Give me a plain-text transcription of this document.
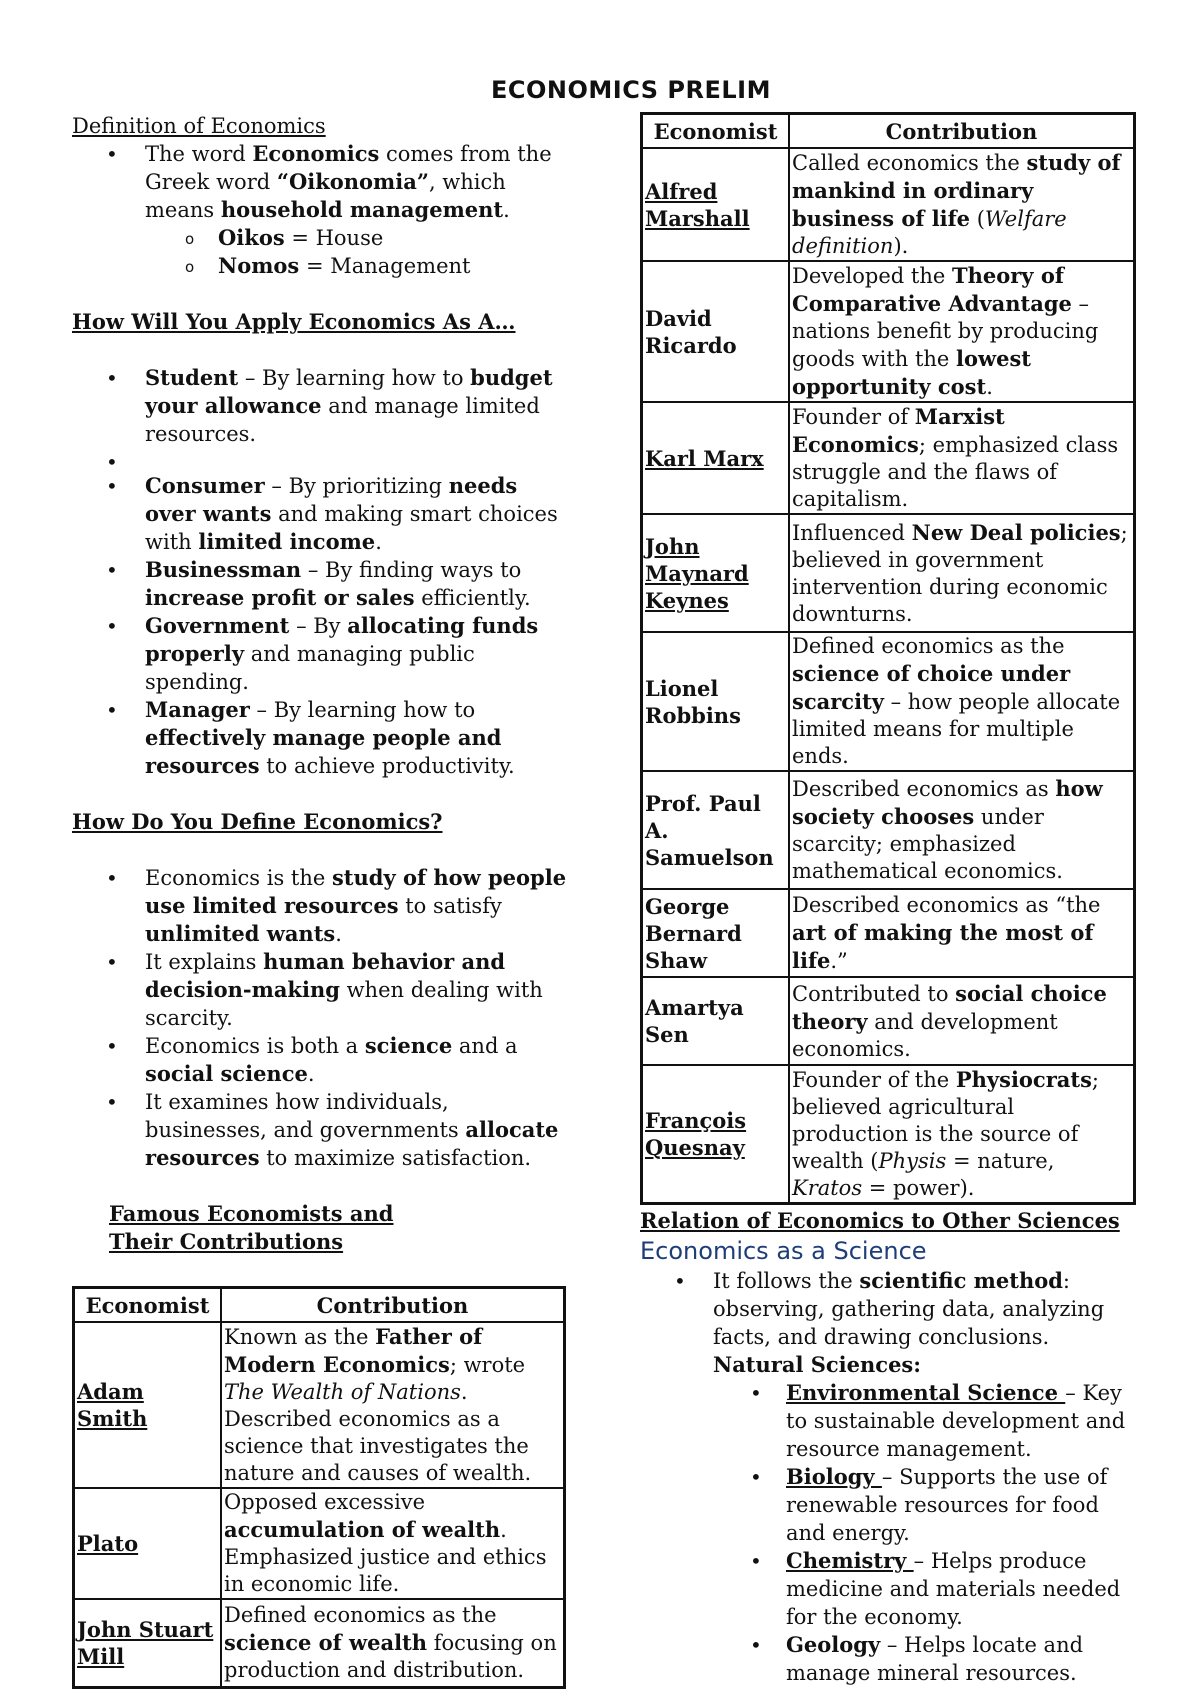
ECONOMICS PRELIM
Definition of Economics
• The word Economics comes from the Greek word “Oikonomia”, which means household management.
o Oikos = House
o Nomos = Management
How Will You Apply Economics As A…
• Student – By learning how to budget your allowance and manage limited resources.
•
• Consumer – By prioritizing needs over wants and making smart choices with limited income.
• Businessman – By finding ways to increase profit or sales efficiently.
• Government – By allocating funds properly and managing public spending.
• Manager – By learning how to effectively manage people and resources to achieve productivity.
How Do You Define Economics?
• Economics is the study of how people use limited resources to satisfy unlimited wants.
• It explains human behavior and decision-making when dealing with scarcity.
• Economics is both a science and a social science.
• It examines how individuals, businesses, and governments allocate resources to maximize satisfaction.
Famous Economists and Their Contributions
Economist	Contribution
Adam Smith	Known as the Father of Modern Economics; wrote The Wealth of Nations. Described economics as a science that investigates the nature and causes of wealth.
Plato	Opposed excessive accumulation of wealth. Emphasized justice and ethics in economic life.
John Stuart Mill	Defined economics as the science of wealth focusing on production and distribution.
Economist	Contribution
Alfred Marshall	Called economics the study of mankind in ordinary business of life (Welfare definition).
David Ricardo	Developed the Theory of Comparative Advantage – nations benefit by producing goods with the lowest opportunity cost.
Karl Marx	Founder of Marxist Economics; emphasized class struggle and the flaws of capitalism.
John Maynard Keynes	Influenced New Deal policies; believed in government intervention during economic downturns.
Lionel Robbins	Defined economics as the science of choice under scarcity – how people allocate limited means for multiple ends.
Prof. Paul A. Samuelson	Described economics as how society chooses under scarcity; emphasized mathematical economics.
George Bernard Shaw	Described economics as “the art of making the most of life.”
Amartya Sen	Contributed to social choice theory and development economics.
François Quesnay	Founder of the Physiocrats; believed agricultural production is the source of wealth (Physis = nature, Kratos = power).
Relation of Economics to Other Sciences
Economics as a Science
• It follows the scientific method: observing, gathering data, analyzing facts, and drawing conclusions.
Natural Sciences:
• Environmental Science – Key to sustainable development and resource management.
• Biology – Supports the use of renewable resources for food and energy.
• Chemistry – Helps produce medicine and materials needed for the economy.
• Geology – Helps locate and manage mineral resources.
